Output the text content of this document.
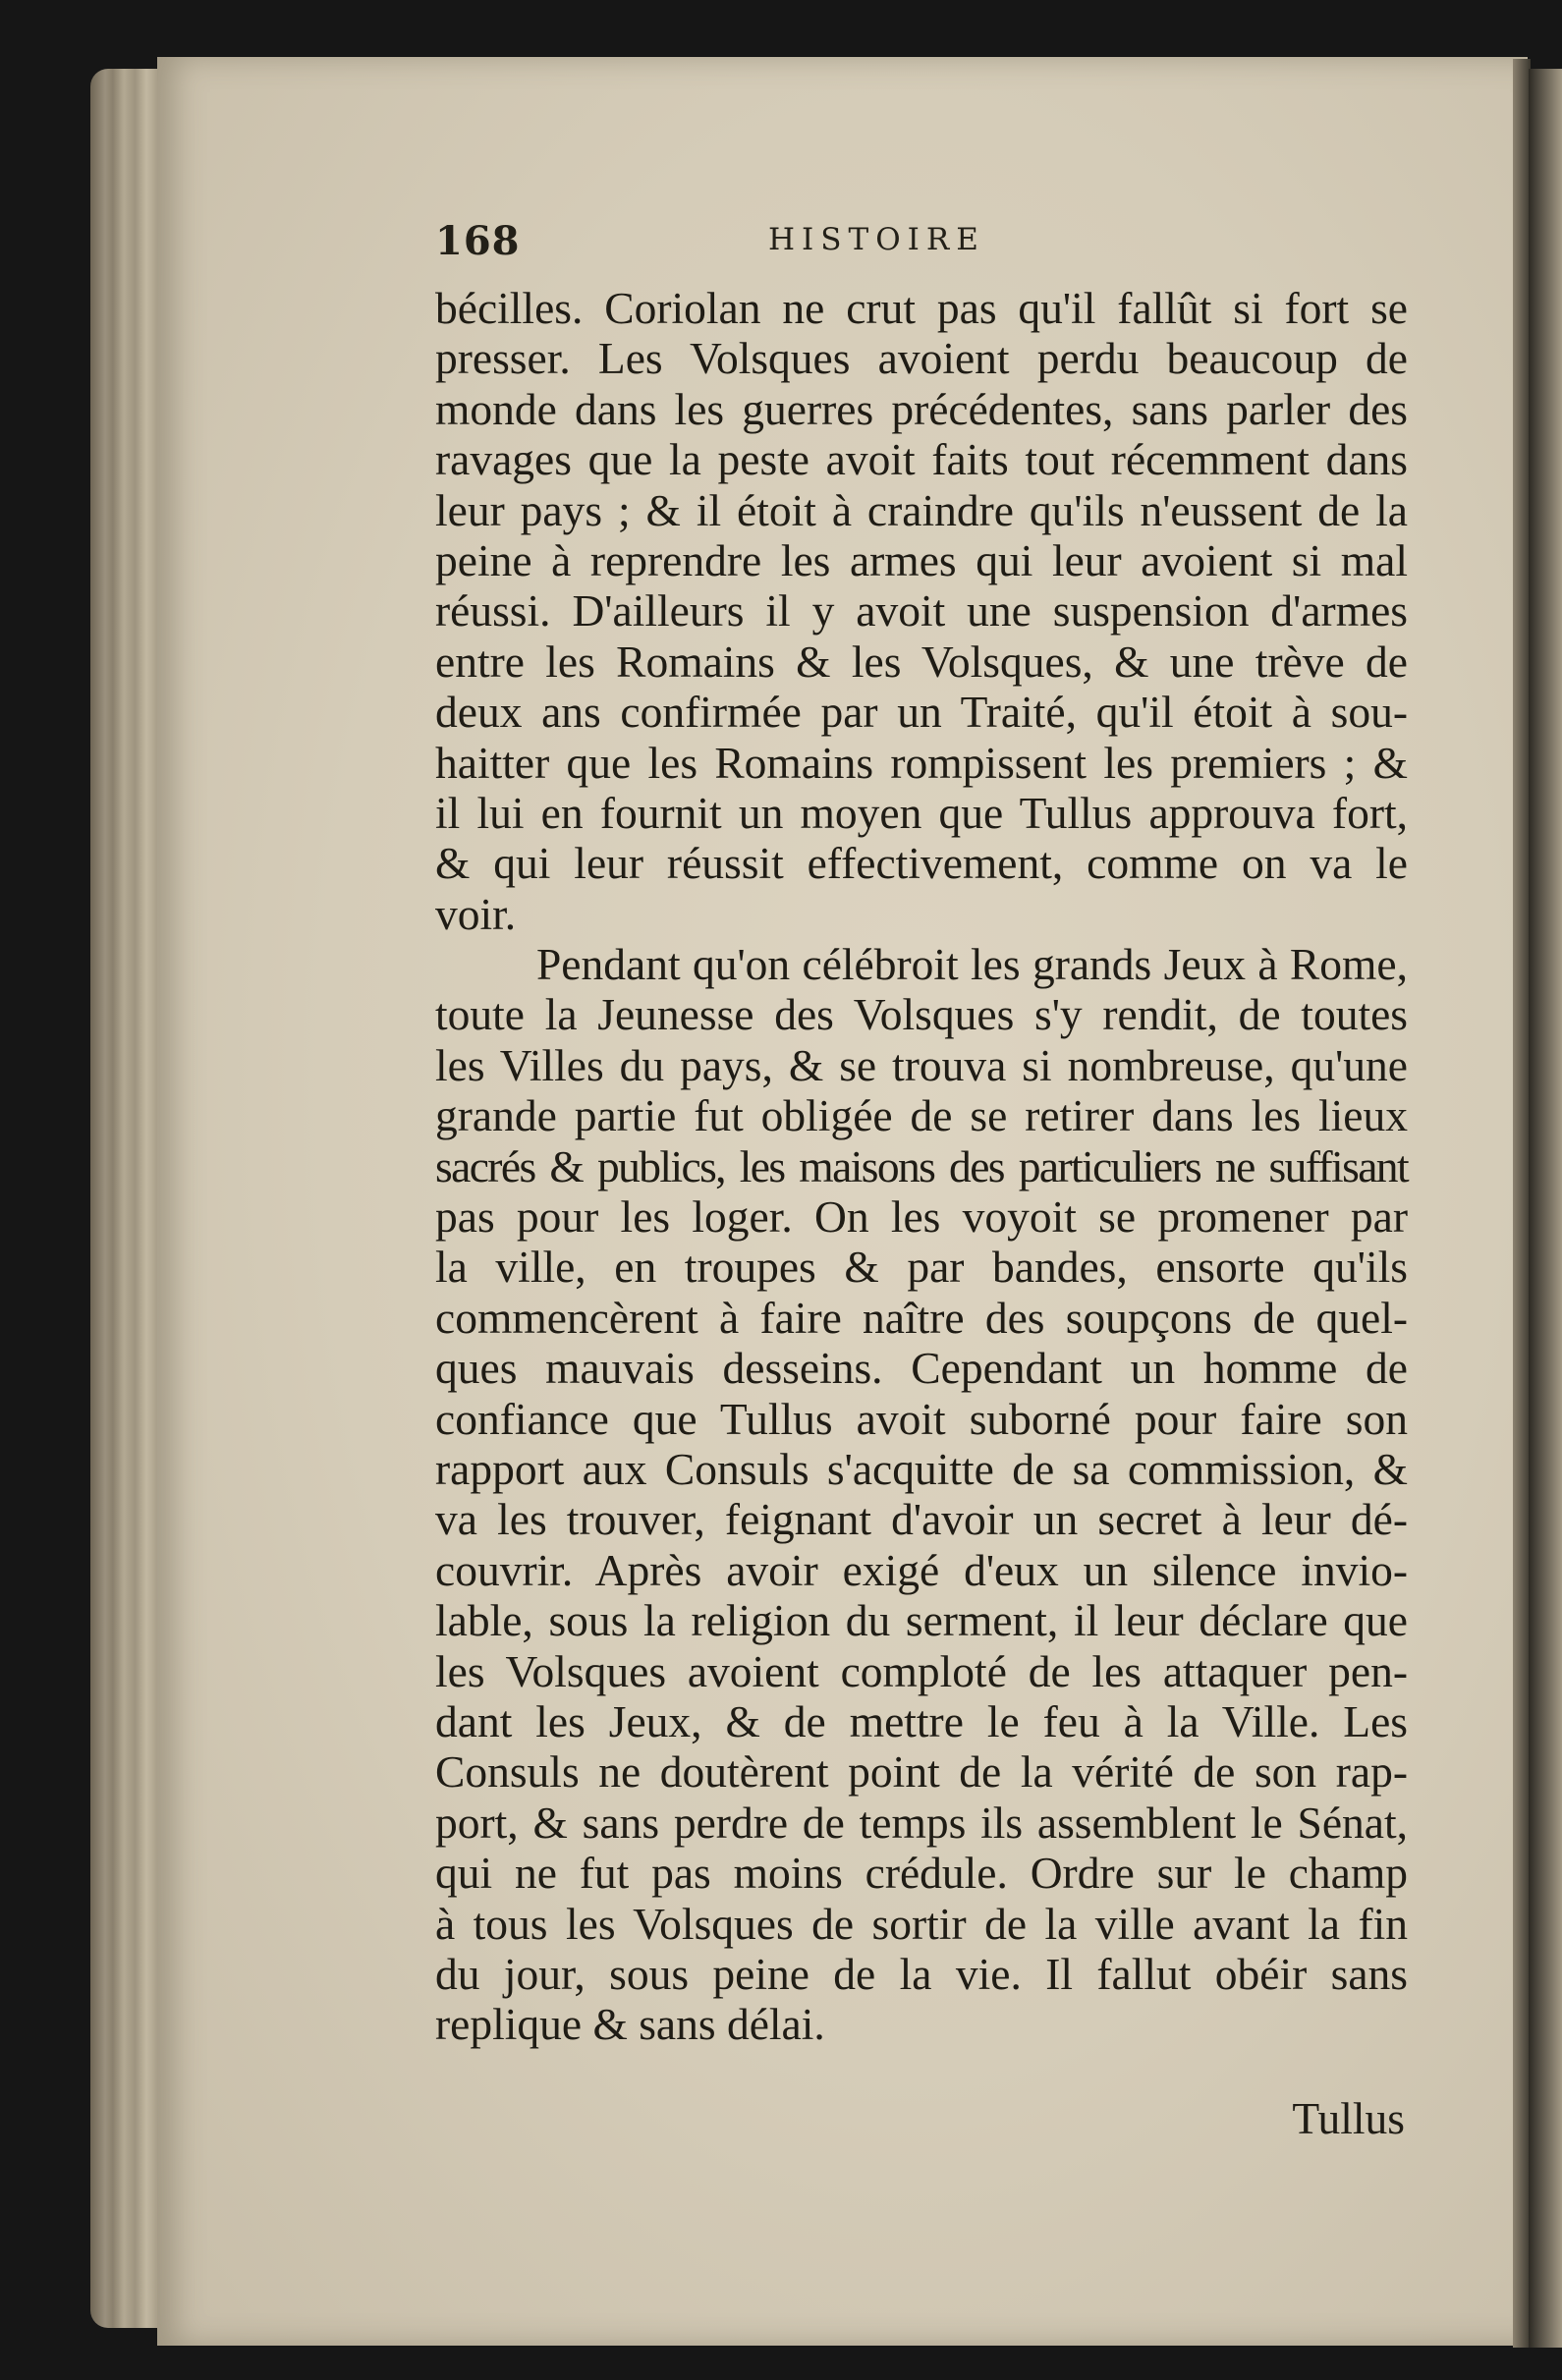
168	HISTOIRE
bécilles. Coriolan ne crut pas qu'il fallût si fort se
presser. Les Volsques avoient perdu beaucoup de
monde dans les guerres précédentes, sans parler des
ravages que la peste avoit faits tout récemment dans
leur pays ; & il étoit à craindre qu'ils n'eussent de la
peine à reprendre les armes qui leur avoient si mal
réussi. D'ailleurs il y avoit une suspension d'armes
entre les Romains & les Volsques, & une trève de
deux ans confirmée par un Traité, qu'il étoit à sou-
haitter que les Romains rompissent les premiers ; &
il lui en fournit un moyen que Tullus approuva fort,
& qui leur réussit effectivement, comme on va le
voir.
Pendant qu'on célébroit les grands Jeux à Rome,
toute la Jeunesse des Volsques s'y rendit, de toutes
les Villes du pays, & se trouva si nombreuse, qu'une
grande partie fut obligée de se retirer dans les lieux
sacrés & publics, les maisons des particuliers ne suffisant
pas pour les loger. On les voyoit se promener par
la ville, en troupes & par bandes, ensorte qu'ils
commencèrent à faire naître des soupçons de quel-
ques mauvais desseins. Cependant un homme de
confiance que Tullus avoit suborné pour faire son
rapport aux Consuls s'acquitte de sa commission, &
va les trouver, feignant d'avoir un secret à leur dé-
couvrir. Après avoir exigé d'eux un silence invio-
lable, sous la religion du serment, il leur déclare que
les Volsques avoient comploté de les attaquer pen-
dant les Jeux, & de mettre le feu à la Ville. Les
Consuls ne doutèrent point de la vérité de son rap-
port, & sans perdre de temps ils assemblent le Sénat,
qui ne fut pas moins crédule. Ordre sur le champ
à tous les Volsques de sortir de la ville avant la fin
du jour, sous peine de la vie. Il fallut obéir sans
replique & sans délai.
Tullus
